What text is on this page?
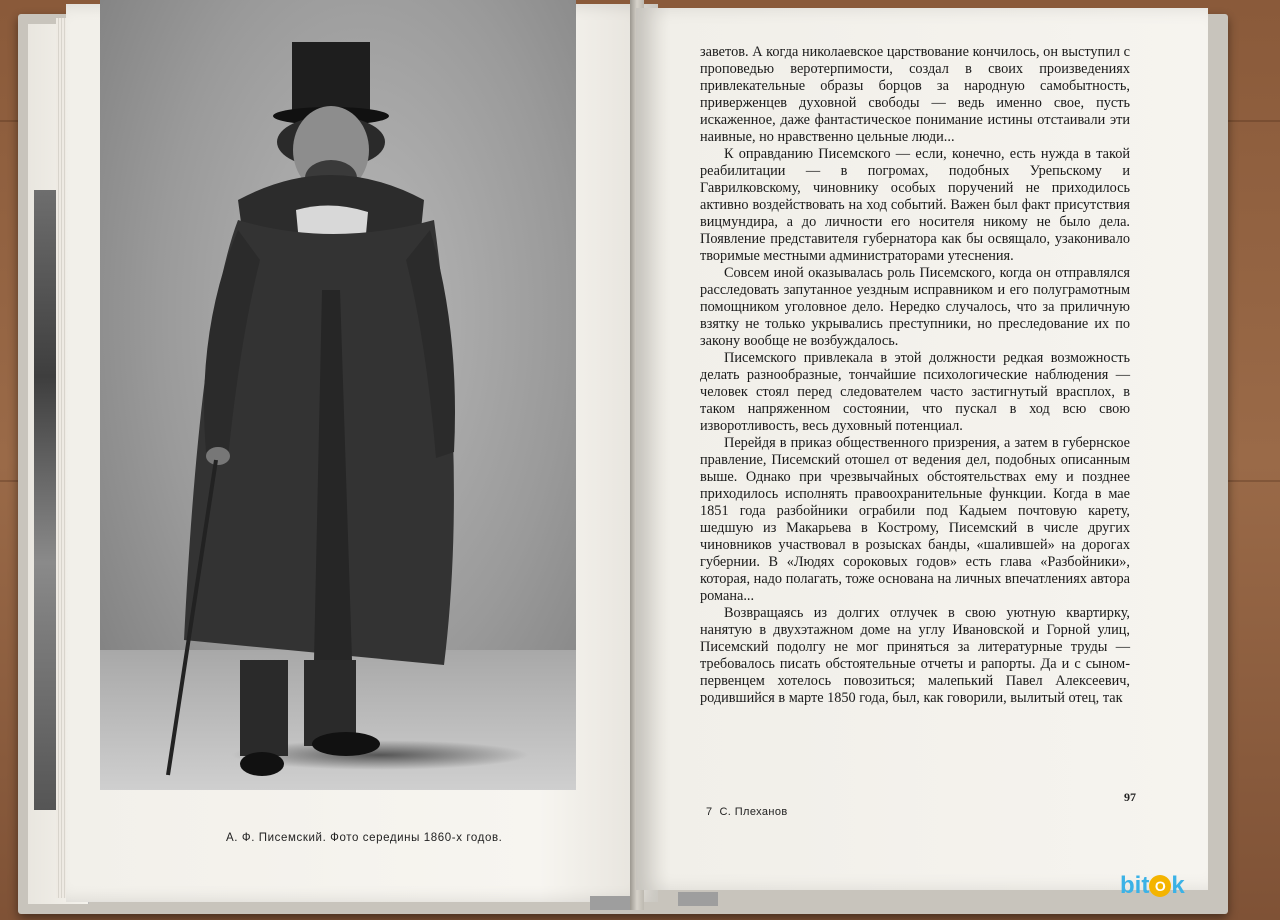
А. Ф. Писемский. Фото середины 1860-х годов.

заветов. А когда николаевское царствование кончилось, он выступил с проповедью веротерпимости, создал в своих произведениях привлекательные образы борцов за народную самобытность, приверженцев духовной свободы — ведь именно свое, пусть искаженное, даже фантастическое понимание истины отстаивали эти наивные, но нравственно цельные люди...

К оправданию Писемского — если, конечно, есть нужда в такой реабилитации — в погромах, подобных Урепьскому и Гаврилковскому, чиновнику особых поручений не приходилось активно воздействовать на ход событий. Важен был факт присутствия вицмундира, а до личности его носителя никому не было дела. Появление представителя губернатора как бы освящало, узаконивало творимые местными администраторами утеснения.

Совсем иной оказывалась роль Писемского, когда он отправлялся расследовать запутанное уездным исправником и его полуграмотным помощником уголовное дело. Нередко случалось, что за приличную взятку не только укрывались преступники, но преследование их по закону вообще не возбуждалось.

Писемского привлекала в этой должности редкая возможность делать разнообразные, тончайшие психологические наблюдения — человек стоял перед следователем часто застигнутый врасплох, в таком напряженном состоянии, что пускал в ход всю свою изворотливость, весь духовный потенциал.

Перейдя в приказ общественного призрения, а затем в губернское правление, Писемский отошел от ведения дел, подобных описанным выше. Однако при чрезвычайных обстоятельствах ему и позднее приходилось исполнять правоохранительные функции. Когда в мае 1851 года разбойники ограбили под Кадыем почтовую карету, шедшую из Макарьева в Кострому, Писемский в числе других чиновников участвовал в розысках банды, «шалившей» на дорогах губернии. В «Людях сороковых годов» есть глава «Разбойники», которая, надо полагать, тоже основана на личных впечатлениях автора романа...

Возвращаясь из долгих отлучек в свою уютную квартирку, нанятую в двухэтажном доме на углу Ивановской и Горной улиц, Писемский подолгу не мог приняться за литературные труды — требовалось писать обстоятельные отчеты и рапорты. Да и с сыном-первенцем хотелось повозиться; малепький Павел Алексеевич, родившийся в марте 1850 года, был, как говорили, вылитый отец, так

7 С. Плеханов
97
bit O k
